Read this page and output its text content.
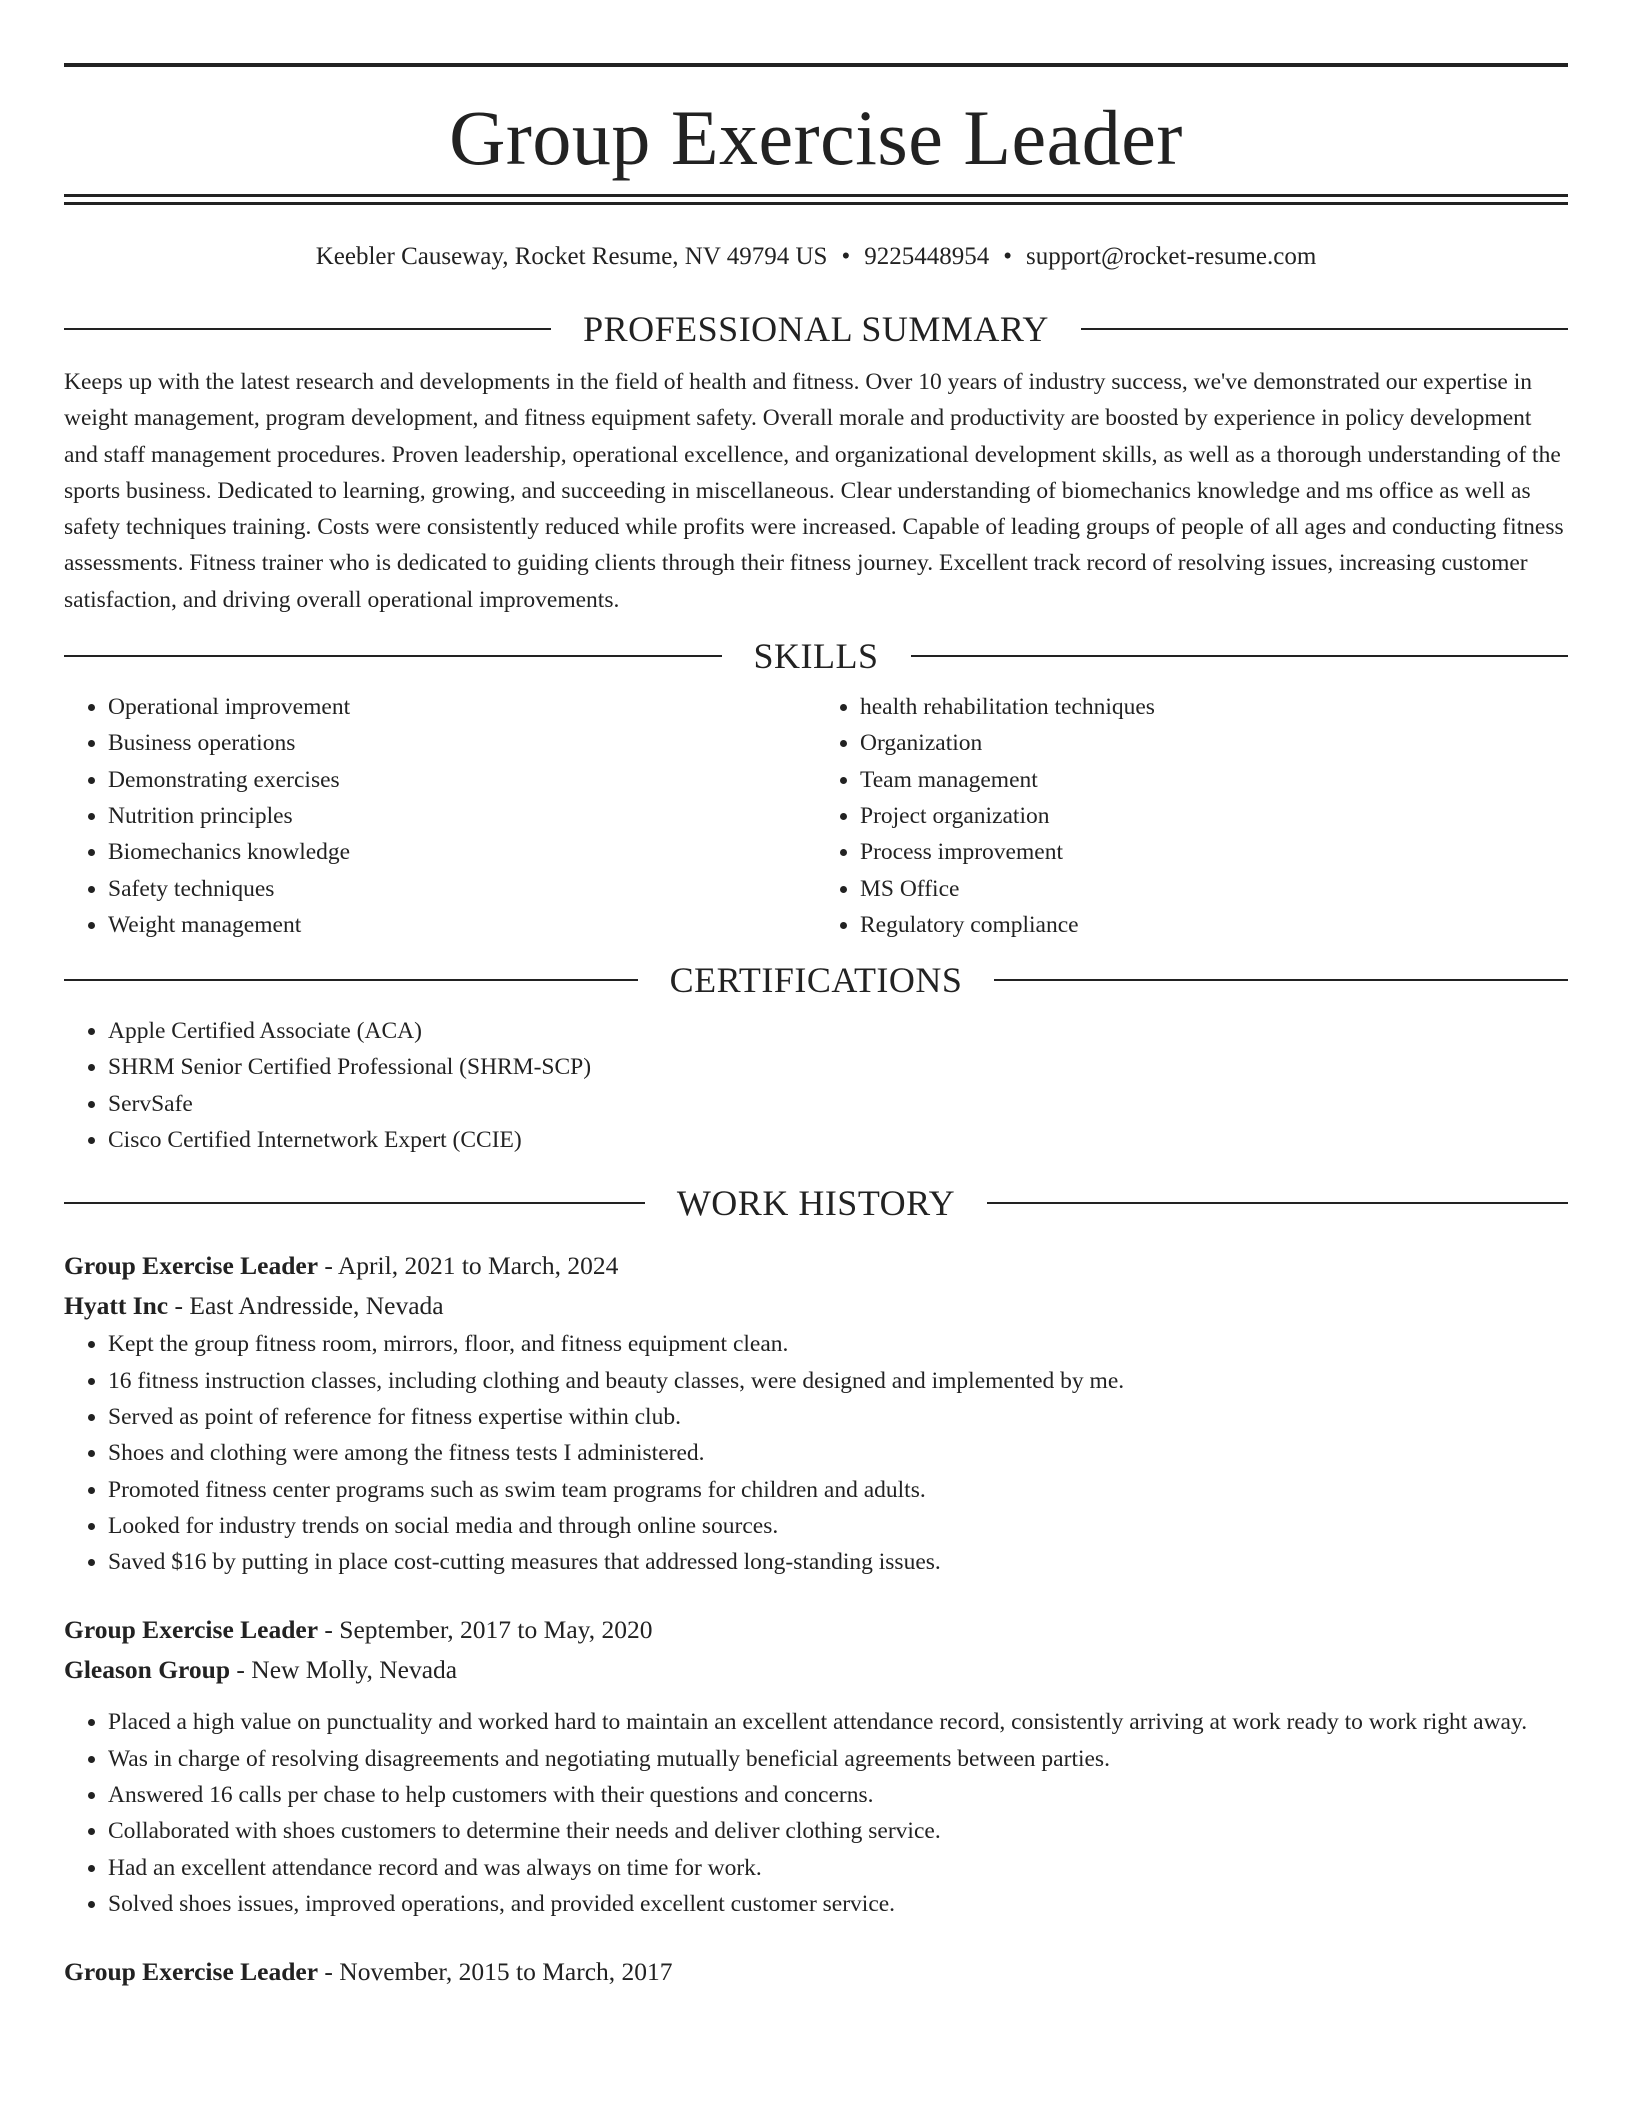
Group Exercise Leader
Keebler Causeway, Rocket Resume, NV 49794 US • 9225448954 • support@rocket-resume.com
PROFESSIONAL SUMMARY
Keeps up with the latest research and developments in the field of health and fitness. Over 10 years of industry success, we've demonstrated our expertise in weight management, program development, and fitness equipment safety. Overall morale and productivity are boosted by experience in policy development and staff management procedures. Proven leadership, operational excellence, and organizational development skills, as well as a thorough understanding of the sports business. Dedicated to learning, growing, and succeeding in miscellaneous. Clear understanding of biomechanics knowledge and ms office as well as safety techniques training. Costs were consistently reduced while profits were increased. Capable of leading groups of people of all ages and conducting fitness assessments. Fitness trainer who is dedicated to guiding clients through their fitness journey. Excellent track record of resolving issues, increasing customer satisfaction, and driving overall operational improvements.
SKILLS
• Operational improvement
• Business operations
• Demonstrating exercises
• Nutrition principles
• Biomechanics knowledge
• Safety techniques
• Weight management
• health rehabilitation techniques
• Organization
• Team management
• Project organization
• Process improvement
• MS Office
• Regulatory compliance
CERTIFICATIONS
• Apple Certified Associate (ACA)
• SHRM Senior Certified Professional (SHRM-SCP)
• ServSafe
• Cisco Certified Internetwork Expert (CCIE)
WORK HISTORY
Group Exercise Leader - April, 2021 to March, 2024
Hyatt Inc - East Andresside, Nevada
• Kept the group fitness room, mirrors, floor, and fitness equipment clean.
• 16 fitness instruction classes, including clothing and beauty classes, were designed and implemented by me.
• Served as point of reference for fitness expertise within club.
• Shoes and clothing were among the fitness tests I administered.
• Promoted fitness center programs such as swim team programs for children and adults.
• Looked for industry trends on social media and through online sources.
• Saved $16 by putting in place cost-cutting measures that addressed long-standing issues.
Group Exercise Leader - September, 2017 to May, 2020
Gleason Group - New Molly, Nevada
• Placed a high value on punctuality and worked hard to maintain an excellent attendance record, consistently arriving at work ready to work right away.
• Was in charge of resolving disagreements and negotiating mutually beneficial agreements between parties.
• Answered 16 calls per chase to help customers with their questions and concerns.
• Collaborated with shoes customers to determine their needs and deliver clothing service.
• Had an excellent attendance record and was always on time for work.
• Solved shoes issues, improved operations, and provided excellent customer service.
Group Exercise Leader - November, 2015 to March, 2017
